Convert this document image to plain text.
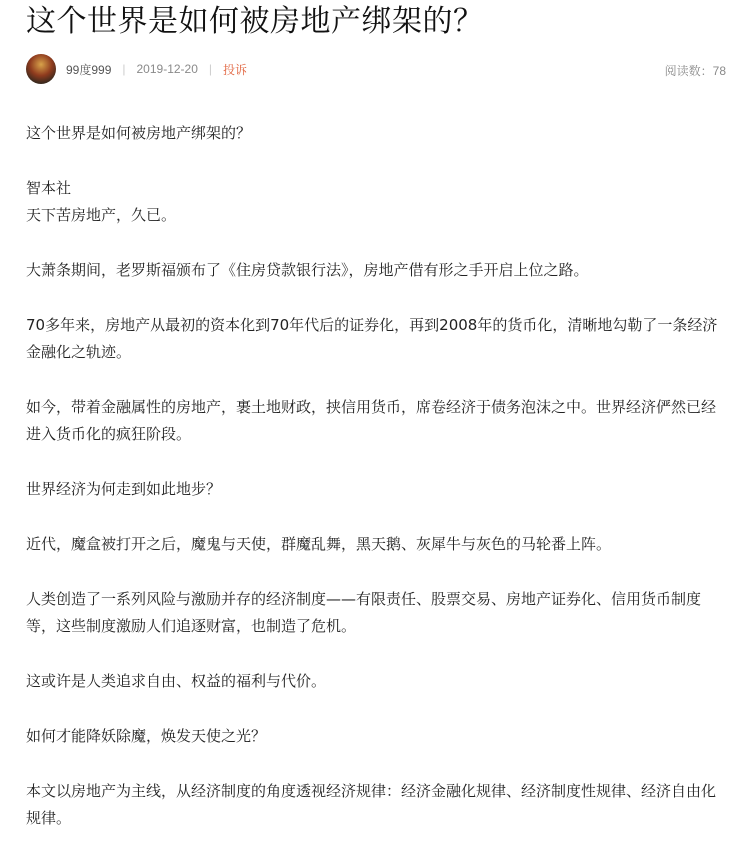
这个世界是如何被房地产绑架的？
99度999 | 2019-12-20 | 投诉	阅读数：78

这个世界是如何被房地产绑架的？

智本社

天下苦房地产，久已。

大萧条期间，老罗斯福颁布了《住房贷款银行法》，房地产借有形之手开启上位之路。

70多年来，房地产从最初的资本化到70年代后的证券化，再到2008年的货币化，清晰地勾勒了一条经济金融化之轨迹。

如今，带着金融属性的房地产，裹土地财政，挟信用货币，席卷经济于债务泡沫之中。世界经济俨然已经进入货币化的疯狂阶段。

世界经济为何走到如此地步？

近代，魔盒被打开之后，魔鬼与天使，群魔乱舞，黑天鹅、灰犀牛与灰色的马轮番上阵。

人类创造了一系列风险与激励并存的经济制度——有限责任、股票交易、房地产证券化、信用货币制度等，这些制度激励人们追逐财富，也制造了危机。

这或许是人类追求自由、权益的福利与代价。

如何才能降妖除魔，焕发天使之光？

本文以房地产为主线，从经济制度的角度透视经济规律：经济金融化规律、经济制度性规律、经济自由化规律。
